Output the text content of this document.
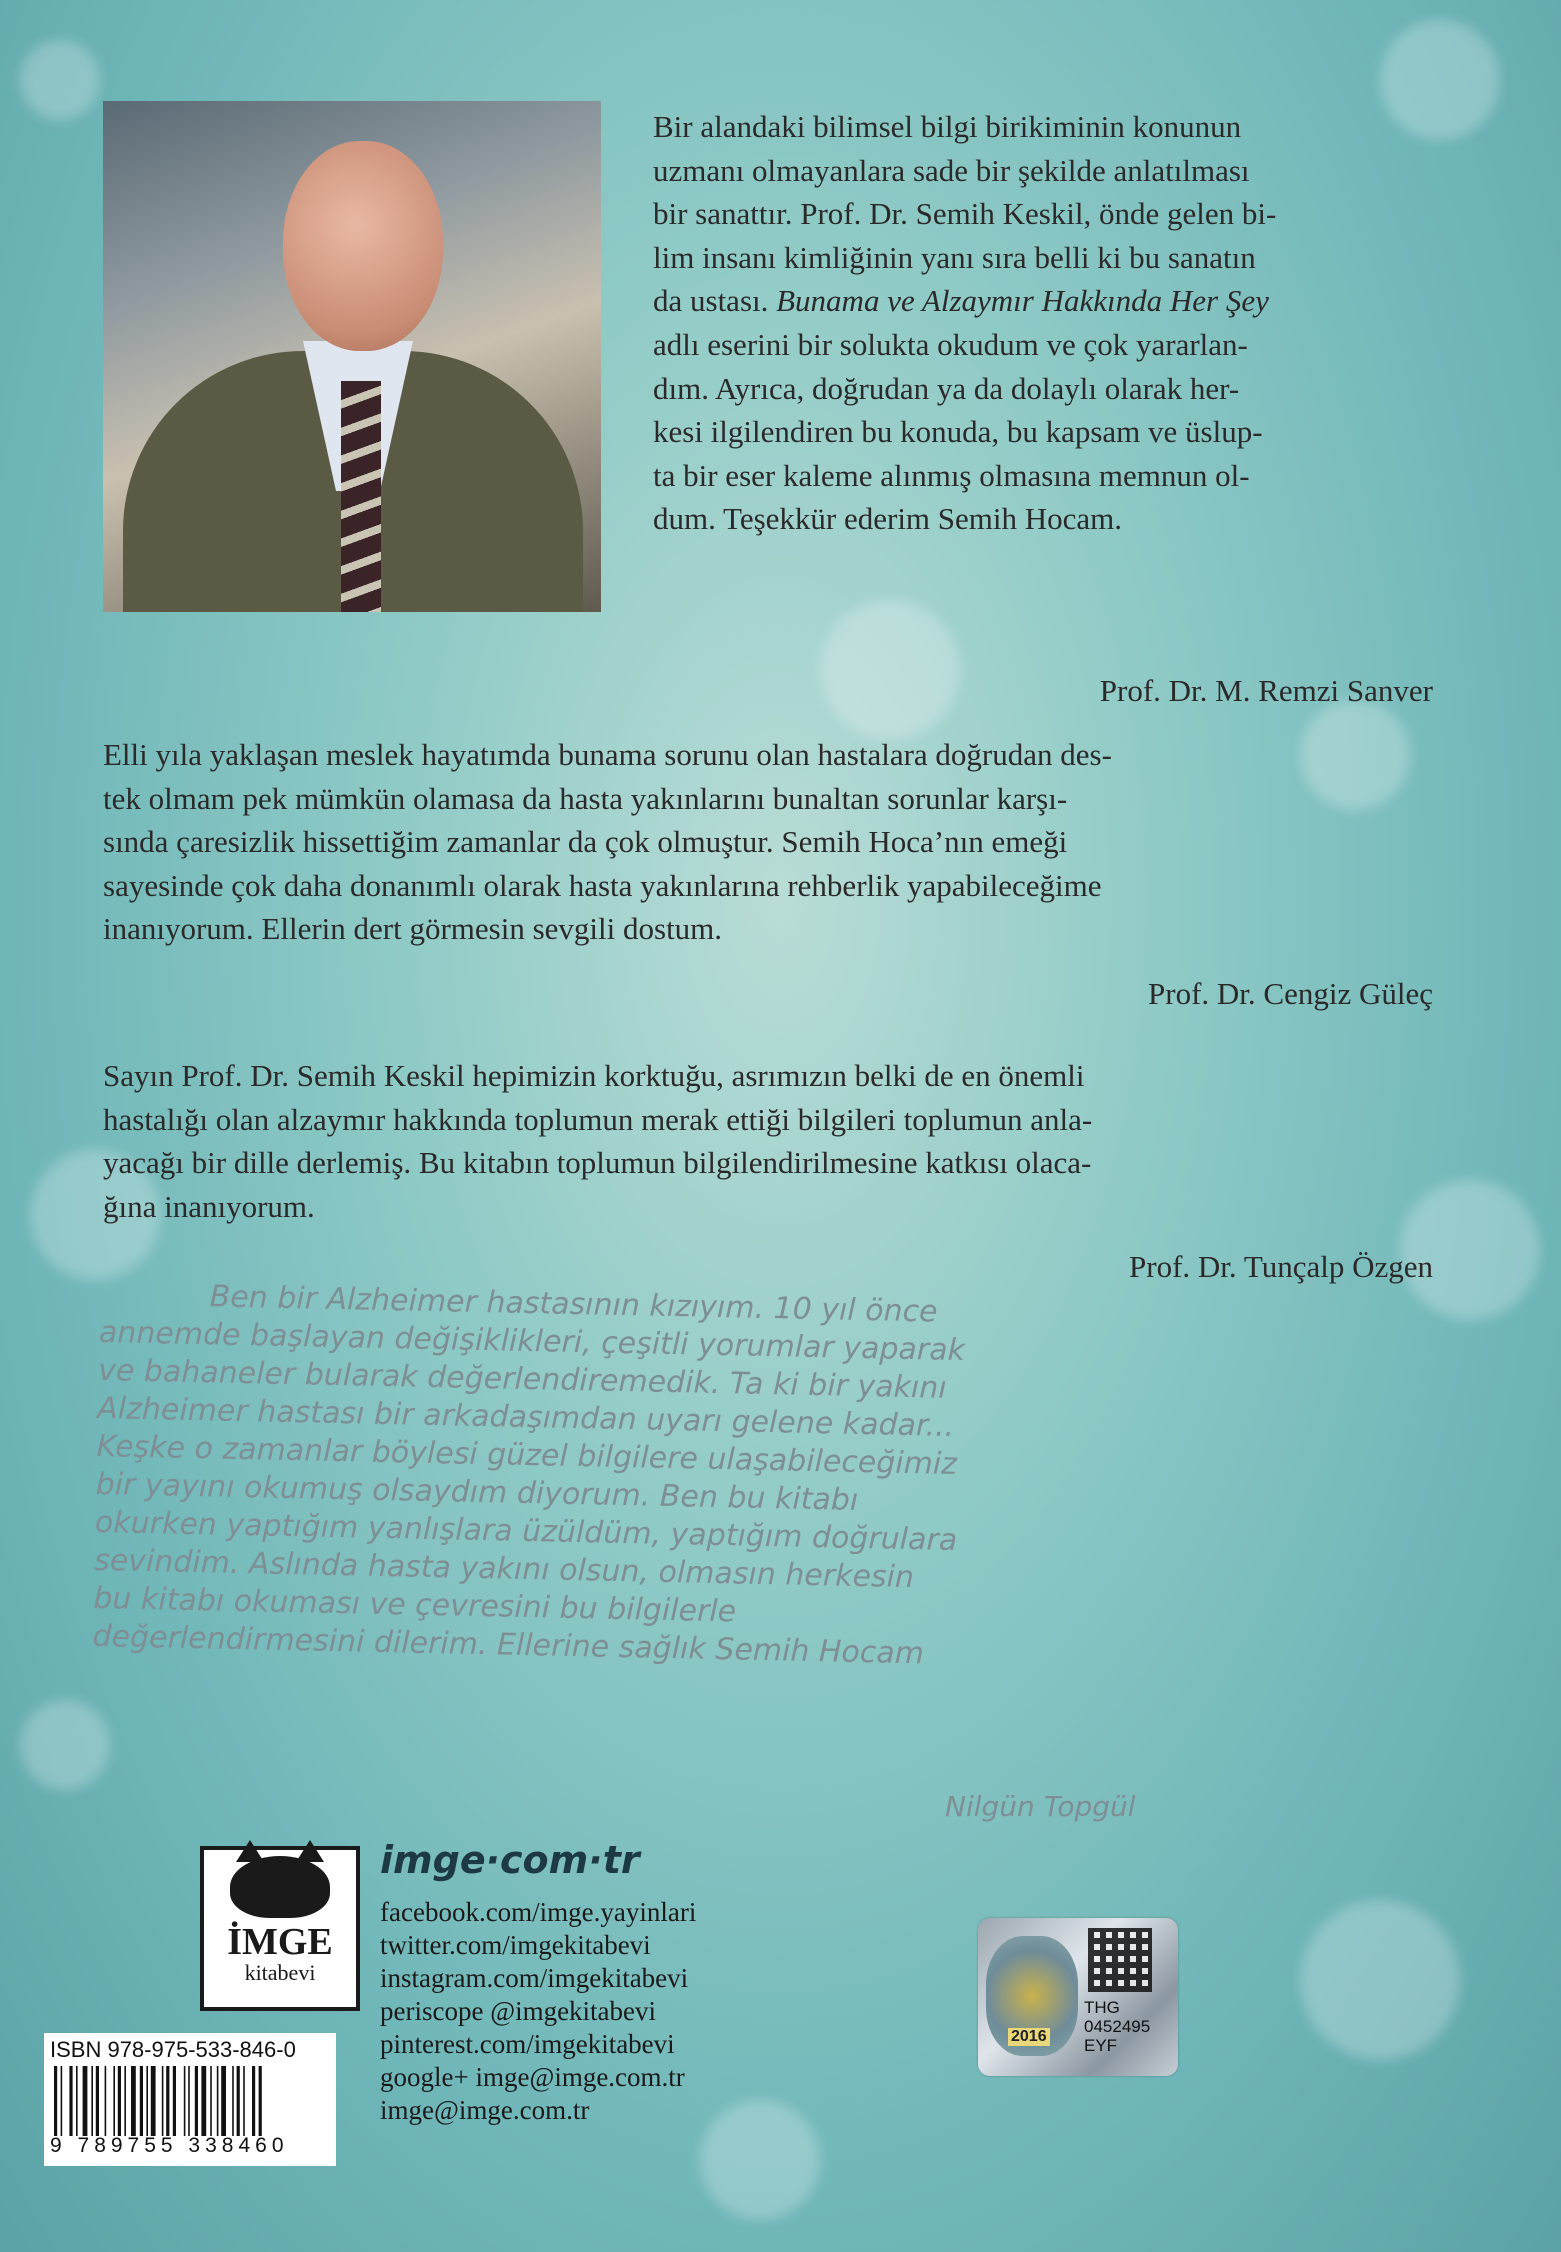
Bir alandaki bilimsel bilgi birikiminin konunun

uzmanı olmayanlara sade bir şekilde anlatılması

bir sanattır. Prof. Dr. Semih Keskil, önde gelen bi-

lim insanı kimliğinin yanı sıra belli ki bu sanatın

da ustası. Bunama ve Alzaymır Hakkında Her Şey

adlı eserini bir solukta okudum ve çok yararlan-

dım. Ayrıca, doğrudan ya da dolaylı olarak her-

kesi ilgilendiren bu konuda, bu kapsam ve üslup-

ta bir eser kaleme alınmış olmasına memnun ol-

dum. Teşekkür ederim Semih Hocam.

Prof. Dr. M. Remzi Sanver

Elli yıla yaklaşan meslek hayatımda bunama sorunu olan hastalara doğrudan des-

tek olmam pek mümkün olamasa da hasta yakınlarını bunaltan sorunlar karşı-

sında çaresizlik hissettiğim zamanlar da çok olmuştur. Semih Hoca’nın emeği

sayesinde çok daha donanımlı olarak hasta yakınlarına rehberlik yapabileceğime

inanıyorum. Ellerin dert görmesin sevgili dostum.

Prof. Dr. Cengiz Güleç

Sayın Prof. Dr. Semih Keskil hepimizin korktuğu, asrımızın belki de en önemli

hastalığı olan alzaymır hakkında toplumun merak ettiği bilgileri toplumun anla-

yacağı bir dille derlemiş. Bu kitabın toplumun bilgilendirilmesine katkısı olaca-

ğına inanıyorum.

Prof. Dr. Tunçalp Özgen
Ben bir Alzheimer hastasının kızıyım. 10 yıl önce
annemde başlayan değişiklikleri, çeşitli yorumlar yaparak
ve bahaneler bularak değerlendiremedik. Ta ki bir yakını
Alzheimer hastası bir arkadaşımdan uyarı gelene kadar...
Keşke o zamanlar böylesi güzel bilgilere ulaşabileceğimiz
bir yayını okumuş olsaydım diyorum. Ben bu kitabı
okurken yaptığım yanlışlara üzüldüm, yaptığım doğrulara
sevindim. Aslında hasta yakını olsun, olmasın herkesin
bu kitabı okuması ve çevresini bu bilgilerle
değerlendirmesini dilerim. Ellerine sağlık Semih Hocam
Nilgün Topgül
İMGE
kitabevi
imge·com·tr
facebook.com/imge.yayinlari
twitter.com/imgekitabevi
instagram.com/imgekitabevi
periscope @imgekitabevi
pinterest.com/imgekitabevi
google+ imge@imge.com.tr
imge@imge.com.tr
ISBN 978-975-533-846-0
9 789755 338460
THG
0452495
EYF
2016
